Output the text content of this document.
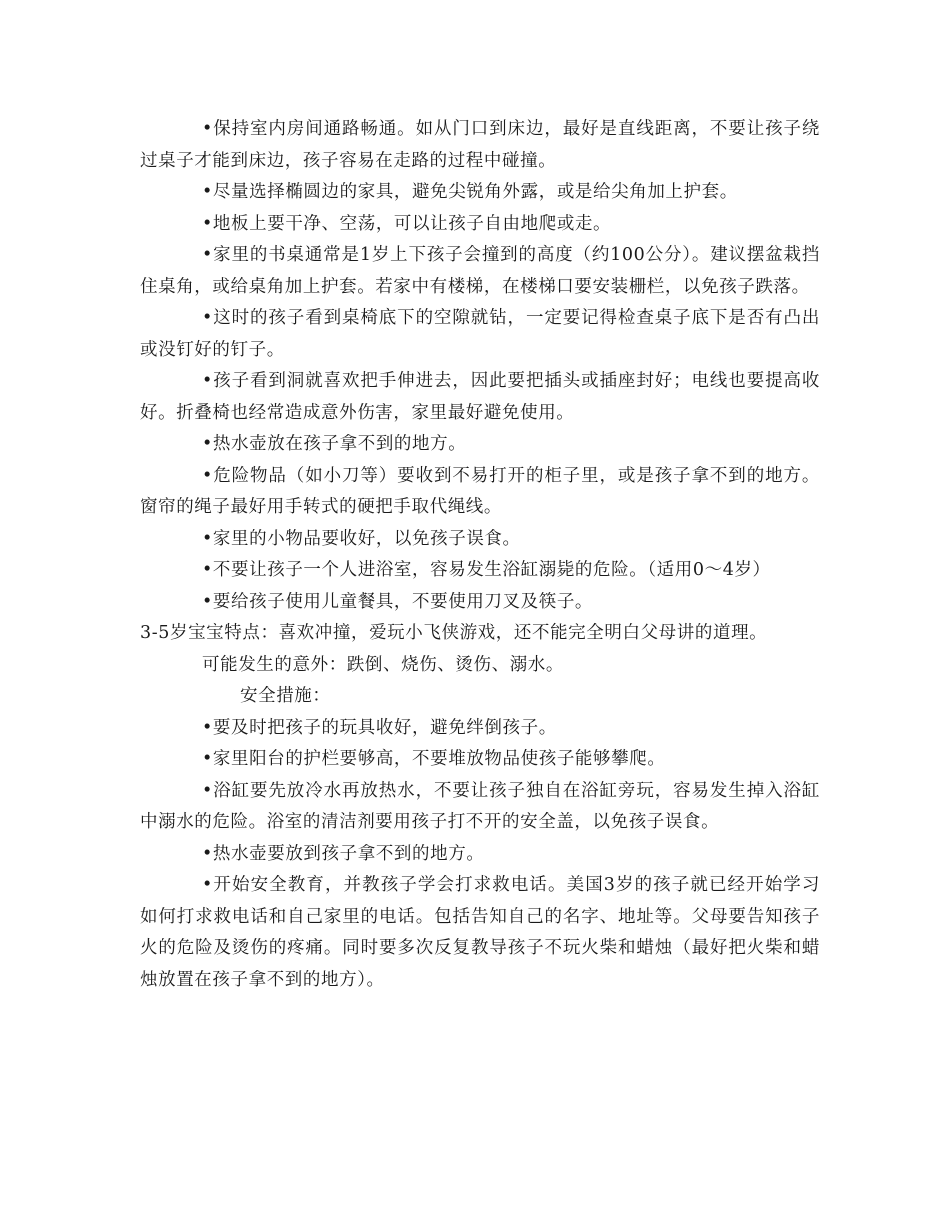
•保持室内房间通路畅通。如从门口到床边，最好是直线距离，不要让孩子绕过桌子才能到床边，孩子容易在走路的过程中碰撞。

•尽量选择椭圆边的家具，避免尖锐角外露，或是给尖角加上护套。

•地板上要干净、空荡，可以让孩子自由地爬或走。

•家里的书桌通常是1岁上下孩子会撞到的高度（约100公分）。建议摆盆栽挡住桌角，或给桌角加上护套。若家中有楼梯，在楼梯口要安装栅栏，以免孩子跌落。

•这时的孩子看到桌椅底下的空隙就钻，一定要记得检查桌子底下是否有凸出或没钉好的钉子。

•孩子看到洞就喜欢把手伸进去，因此要把插头或插座封好；电线也要提高收好。折叠椅也经常造成意外伤害，家里最好避免使用。

•热水壶放在孩子拿不到的地方。

•危险物品（如小刀等）要收到不易打开的柜子里，或是孩子拿不到的地方。窗帘的绳子最好用手转式的硬把手取代绳线。

•家里的小物品要收好，以免孩子误食。

•不要让孩子一个人进浴室，容易发生浴缸溺毙的危险。（适用0～4岁）

•要给孩子使用儿童餐具，不要使用刀叉及筷子。

3-5岁宝宝特点：喜欢冲撞，爱玩小飞侠游戏，还不能完全明白父母讲的道理。

可能发生的意外：跌倒、烧伤、烫伤、溺水。

安全措施：

•要及时把孩子的玩具收好，避免绊倒孩子。

•家里阳台的护栏要够高，不要堆放物品使孩子能够攀爬。

•浴缸要先放冷水再放热水，不要让孩子独自在浴缸旁玩，容易发生掉入浴缸中溺水的危险。浴室的清洁剂要用孩子打不开的安全盖，以免孩子误食。

•热水壶要放到孩子拿不到的地方。

•开始安全教育，并教孩子学会打求救电话。美国3岁的孩子就已经开始学习如何打求救电话和自己家里的电话。包括告知自己的名字、地址等。父母要告知孩子火的危险及烫伤的疼痛。同时要多次反复教导孩子不玩火柴和蜡烛（最好把火柴和蜡烛放置在孩子拿不到的地方）。
